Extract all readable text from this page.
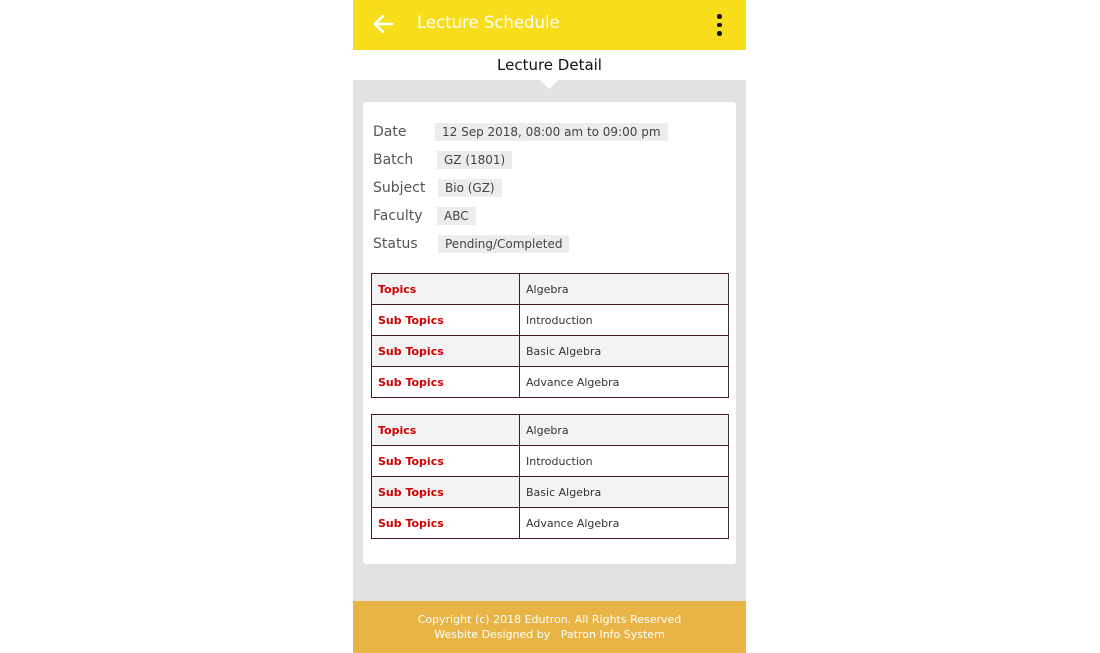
Lecture Schedule
Lecture Detail
Date	12 Sep 2018, 08:00 am to 09:00 pm
Batch	GZ (1801)
Subject	Bio (GZ)
Faculty	ABC
Status	Pending/Completed
Topics	Algebra
Sub Topics	Introduction
Sub Topics	Basic Algebra
Sub Topics	Advance Algebra
Topics	Algebra
Sub Topics	Introduction
Sub Topics	Basic Algebra
Sub Topics	Advance Algebra
Copyright (c) 2018 Edutron. All Rights Reserved
Wesbite Designed by   Patron Info System
